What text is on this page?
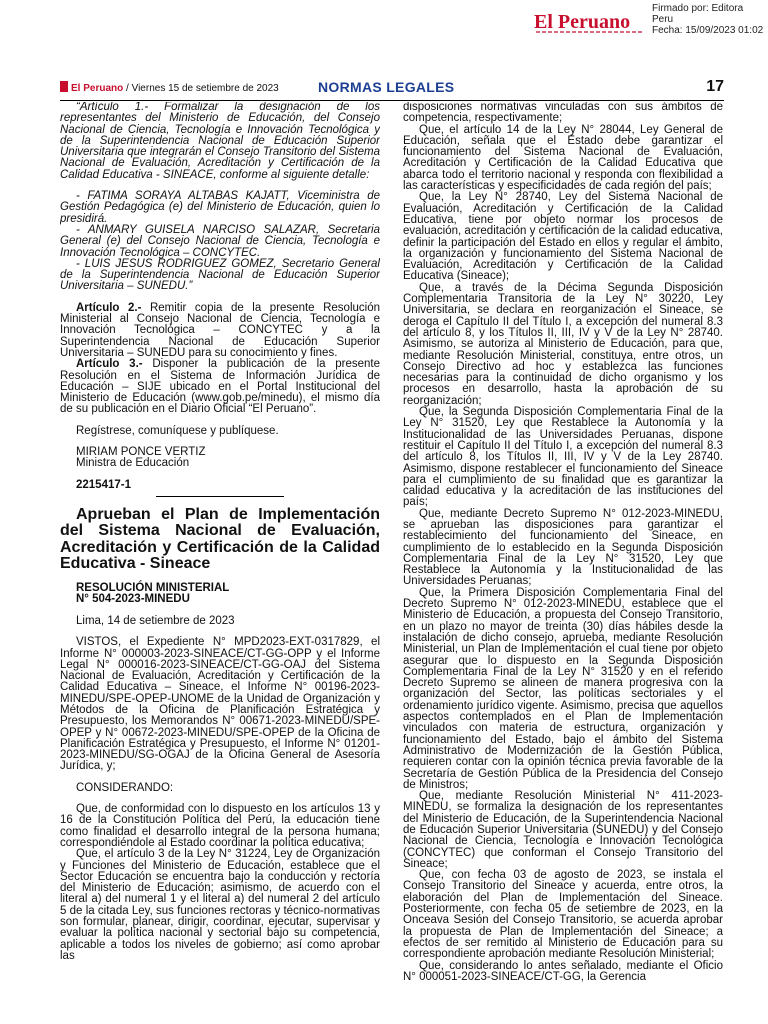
El Peruano
Firmado por: Editora
Peru
Fecha: 15/09/2023 01:02
El Peruano / Viernes 15 de setiembre de 2023	NORMAS LEGALES	17

“Artículo 1.- Formalizar la designación de los representantes del Ministerio de Educación, del Consejo Nacional de Ciencia, Tecnología e Innovación Tecnológica y de la Superintendencia Nacional de Educación Superior Universitaria que integrarán el Consejo Transitorio del Sistema Nacional de Evaluación, Acreditación y Certificación de la Calidad Educativa - SINEACE, conforme al siguiente detalle:

- FATIMA SORAYA ALTABAS KAJATT, Viceministra de Gestión Pedagógica (e) del Ministerio de Educación, quien lo presidirá.

- ANMARY GUISELA NARCISO SALAZAR, Secretaria General (e) del Consejo Nacional de Ciencia, Tecnología e Innovación Tecnológica – CONCYTEC.

- LUIS JESUS RODRIGUEZ GOMEZ, Secretario General de la Superintendencia Nacional de Educación Superior Universitaria – SUNEDU.”

Artículo 2.- Remitir copia de la presente Resolución Ministerial al Consejo Nacional de Ciencia, Tecnología e Innovación Tecnológica – CONCYTEC y a la Superintendencia Nacional de Educación Superior Universitaria – SUNEDU para su conocimiento y fines.

Artículo 3.- Disponer la publicación de la presente Resolución en el Sistema de Información Jurídica de Educación – SIJE ubicado en el Portal Institucional del Ministerio de Educación (www.gob.pe/minedu), el mismo día de su publicación en el Diario Oficial “El Peruano”.

Regístrese, comuníquese y publíquese.

MIRIAM PONCE VERTIZ

Ministra de Educación

2215417-1

Aprueban el Plan de Implementación del Sistema Nacional de Evaluación, Acreditación y Certificación de la Calidad Educativa - Sineace

RESOLUCIÓN MINISTERIAL

N° 504-2023-MINEDU

Lima, 14 de setiembre de 2023

VISTOS, el Expediente N° MPD2023-EXT-0317829, el Informe N° 000003-2023-SINEACE/CT-GG-OPP y el Informe Legal N° 000016-2023-SINEACE/CT-GG-OAJ del Sistema Nacional de Evaluación, Acreditación y Certificación de la Calidad Educativa – Sineace, el Informe N° 00196-2023-MINEDU/SPE-OPEP-UNOME de la Unidad de Organización y Métodos de la Oficina de Planificación Estratégica y Presupuesto, los Memorandos N° 00671-2023-MINEDU/SPE-OPEP y N° 00672-2023-MINEDU/SPE-OPEP de la Oficina de Planificación Estratégica y Presupuesto, el Informe N° 01201-2023-MINEDU/SG-OGAJ de la Oficina General de Asesoría Jurídica, y;

CONSIDERANDO:

Que, de conformidad con lo dispuesto en los artículos 13 y 16 de la Constitución Política del Perú, la educación tiene como finalidad el desarrollo integral de la persona humana; correspondiéndole al Estado coordinar la política educativa;

Que, el artículo 3 de la Ley N° 31224, Ley de Organización y Funciones del Ministerio de Educación, establece que el Sector Educación se encuentra bajo la conducción y rectoría del Ministerio de Educación; asimismo, de acuerdo con el literal a) del numeral 1 y el literal a) del numeral 2 del artículo 5 de la citada Ley, sus funciones rectoras y técnico-normativas son formular, planear, dirigir, coordinar, ejecutar, supervisar y evaluar la política nacional y sectorial bajo su competencia, aplicable a todos los niveles de gobierno; así como aprobar las

disposiciones normativas vinculadas con sus ámbitos de competencia, respectivamente;

Que, el artículo 14 de la Ley N° 28044, Ley General de Educación, señala que el Estado debe garantizar el funcionamiento del Sistema Nacional de Evaluación, Acreditación y Certificación de la Calidad Educativa que abarca todo el territorio nacional y responda con flexibilidad a las características y especificidades de cada región del país;

Que, la Ley N° 28740, Ley del Sistema Nacional de Evaluación, Acreditación y Certificación de la Calidad Educativa, tiene por objeto normar los procesos de evaluación, acreditación y certificación de la calidad educativa, definir la participación del Estado en ellos y regular el ámbito, la organización y funcionamiento del Sistema Nacional de Evaluación, Acreditación y Certificación de la Calidad Educativa (Sineace);

Que, a través de la Décima Segunda Disposición Complementaria Transitoria de la Ley N° 30220, Ley Universitaria, se declara en reorganización el Sineace, se deroga el Capítulo II del Título I, a excepción del numeral 8.3 del artículo 8, y los Títulos II, III, IV y V de la Ley N° 28740. Asimismo, se autoriza al Ministerio de Educación, para que, mediante Resolución Ministerial, constituya, entre otros, un Consejo Directivo ad hoc y establezca las funciones necesarias para la continuidad de dicho organismo y los procesos en desarrollo, hasta la aprobación de su reorganización;

Que, la Segunda Disposición Complementaria Final de la Ley N° 31520, Ley que Restablece la Autonomía y la Institucionalidad de las Universidades Peruanas, dispone restituir el Capítulo II del Título I, a excepción del numeral 8.3 del artículo 8, los Títulos II, III, IV y V de la Ley 28740. Asimismo, dispone restablecer el funcionamiento del Sineace para el cumplimiento de su finalidad que es garantizar la calidad educativa y la acreditación de las instituciones del país;

Que, mediante Decreto Supremo N° 012-2023-MINEDU, se aprueban las disposiciones para garantizar el restablecimiento del funcionamiento del Sineace, en cumplimiento de lo establecido en la Segunda Disposición Complementaria Final de la Ley N° 31520, Ley que Restablece la Autonomía y la Institucionalidad de las Universidades Peruanas;

Que, la Primera Disposición Complementaria Final del Decreto Supremo N° 012-2023-MINEDU, establece que el Ministerio de Educación, a propuesta del Consejo Transitorio, en un plazo no mayor de treinta (30) días hábiles desde la instalación de dicho consejo, aprueba, mediante Resolución Ministerial, un Plan de Implementación el cual tiene por objeto asegurar que lo dispuesto en la Segunda Disposición Complementaria Final de la Ley N° 31520 y en el referido Decreto Supremo se alineen de manera progresiva con la organización del Sector, las políticas sectoriales y el ordenamiento jurídico vigente. Asimismo, precisa que aquellos aspectos contemplados en el Plan de Implementación vinculados con materia de estructura, organización y funcionamiento del Estado, bajo el ámbito del Sistema Administrativo de Modernización de la Gestión Pública, requieren contar con la opinión técnica previa favorable de la Secretaría de Gestión Pública de la Presidencia del Consejo de Ministros;

Que, mediante Resolución Ministerial N° 411-2023-MINEDU, se formaliza la designación de los representantes del Ministerio de Educación, de la Superintendencia Nacional de Educación Superior Universitaria (SUNEDU) y del Consejo Nacional de Ciencia, Tecnología e Innovación Tecnológica (CONCYTEC) que conforman el Consejo Transitorio del Sineace;

Que, con fecha 03 de agosto de 2023, se instala el Consejo Transitorio del Sineace y acuerda, entre otros, la elaboración del Plan de Implementación del Sineace. Posteriormente, con fecha 05 de setiembre de 2023, en la Onceava Sesión del Consejo Transitorio, se acuerda aprobar la propuesta de Plan de Implementación del Sineace; a efectos de ser remitido al Ministerio de Educación para su correspondiente aprobación mediante Resolución Ministerial;

Que, considerando lo antes señalado, mediante el Oficio N° 000051-2023-SINEACE/CT-GG, la Gerencia
